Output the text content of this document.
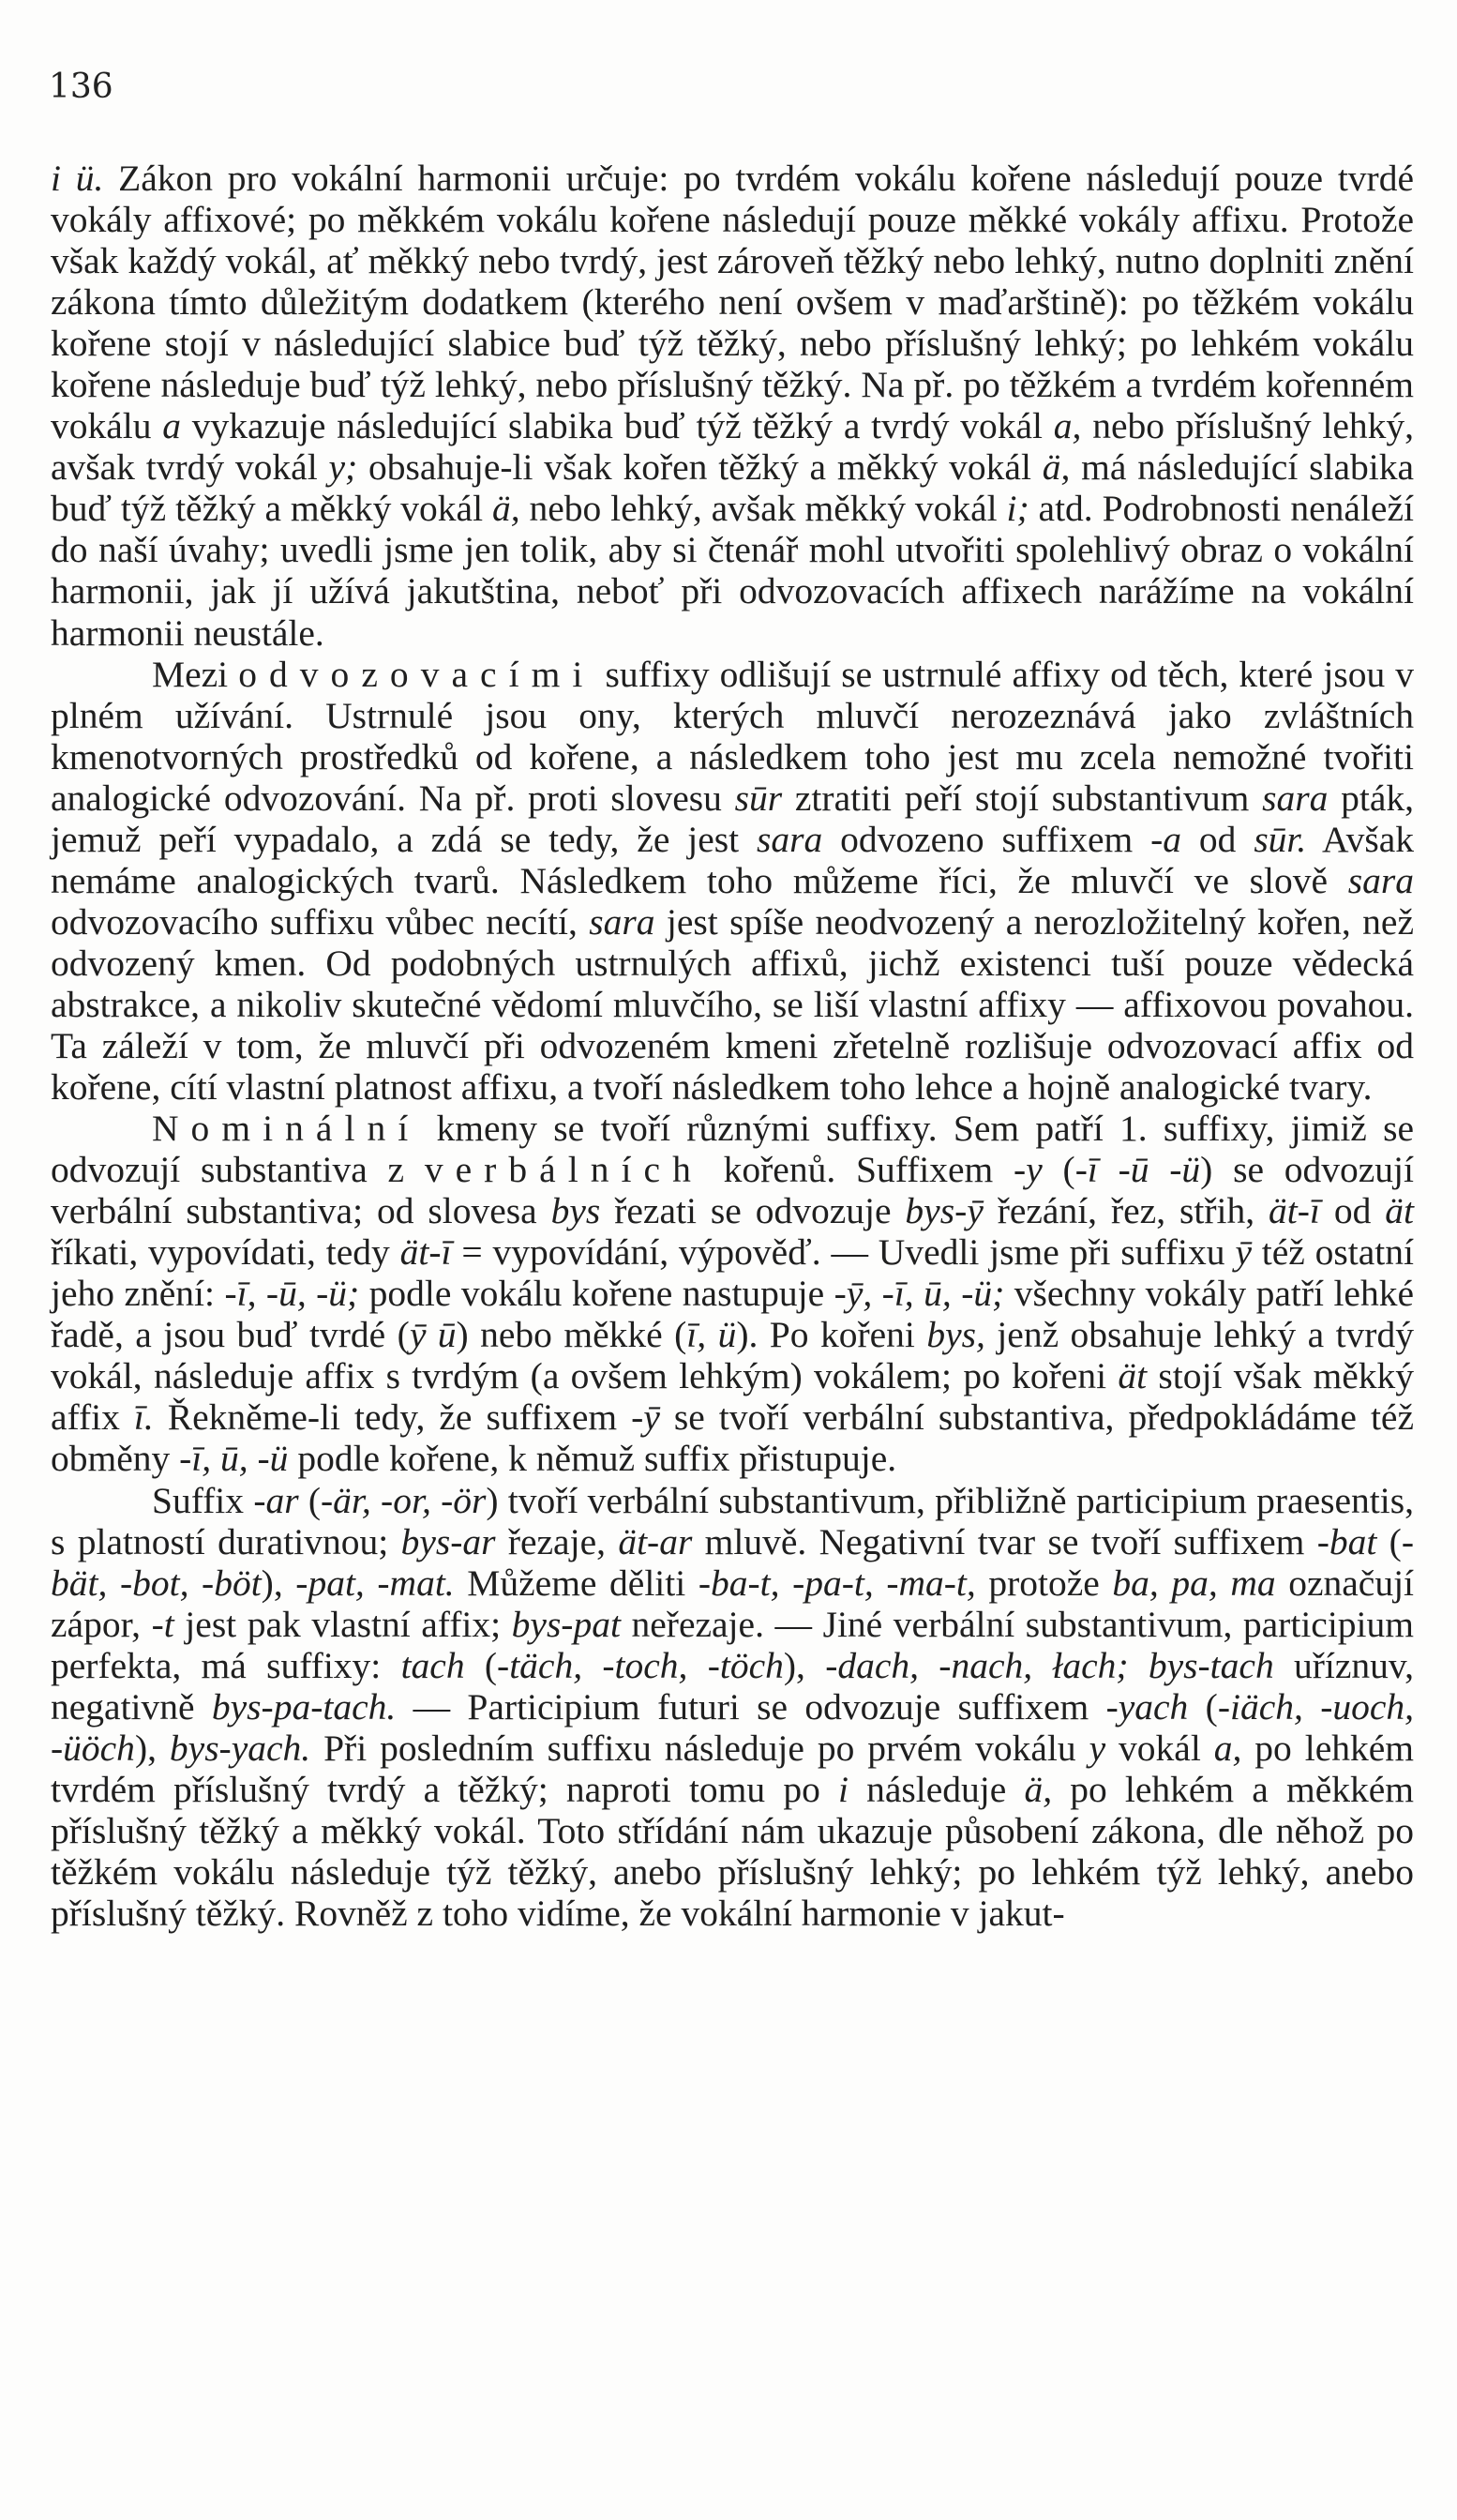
136

i ü. Zákon pro vokální harmonii určuje: po tvrdém vokálu kořene následují pouze tvrdé vokály affixové; po měkkém vokálu kořene následují pouze měkké vokály affixu. Protože však každý vokál, ať měkký nebo tvrdý, jest zároveň těžký nebo lehký, nutno doplniti znění zákona tímto důležitým dodatkem (kterého není ovšem v maďarštině): po těžkém vokálu kořene stojí v následující slabice buď týž těžký, nebo příslušný lehký; po lehkém vokálu kořene následuje buď týž lehký, nebo příslušný těžký. Na př. po těžkém a tvrdém kořenném vokálu a vykazuje následující slabika buď týž těžký a tvrdý vokál a, nebo příslušný lehký, avšak tvrdý vokál y; obsahuje-li však kořen těžký a měkký vokál ä, má následující slabika buď týž těžký a měkký vokál ä, nebo lehký, avšak měkký vokál i; atd. Podrobnosti nenáleží do naší úvahy; uvedli jsme jen tolik, aby si čtenář mohl utvořiti spolehlivý obraz o vokální harmonii, jak jí užívá jakutština, neboť při odvozovacích affixech narážíme na vokální harmonii neustále.

Mezi odvozovacími suffixy odlišují se ustrnulé affixy od těch, které jsou v plném užívání. Ustrnulé jsou ony, kterých mluvčí nerozeznává jako zvláštních kmenotvorných prostředků od kořene, a následkem toho jest mu zcela nemožné tvořiti analogické odvozování. Na př. proti slovesu sūr ztratiti peří stojí substantivum sara pták, jemuž peří vypadalo, a zdá se tedy, že jest sara odvozeno suffixem -a od sūr. Avšak nemáme analogických tvarů. Následkem toho můžeme říci, že mluvčí ve slově sara odvozovacího suffixu vůbec necítí, sara jest spíše neodvozený a nerozložitelný kořen, než odvozený kmen. Od podobných ustrnulých affixů, jichž existenci tuší pouze vědecká abstrakce, a nikoliv skutečné vědomí mluvčího, se liší vlastní affixy — affixovou povahou. Ta záleží v tom, že mluvčí při odvozeném kmeni zřetelně rozlišuje odvozovací affix od kořene, cítí vlastní platnost affixu, a tvoří následkem toho lehce a hojně analogické tvary.

Nominální kmeny se tvoří různými suffixy. Sem patří 1. suffixy, jimiž se odvozují substantiva z verbálních kořenů. Suffixem -y (-ī -ū -ü) se odvozují verbální substantiva; od slovesa bys řezati se odvozuje bys-ȳ řezání, řez, střih, ät-ī od ät říkati, vypovídati, tedy ät-ī = vypovídání, výpověď. — Uvedli jsme při suffixu ȳ též ostatní jeho znění: -ī, -ū, -ü; podle vokálu kořene nastupuje -ȳ, -ī, ū, -ü; všechny vokály patří lehké řadě, a jsou buď tvrdé (ȳ ū) nebo měkké (ī, ü). Po kořeni bys, jenž obsahuje lehký a tvrdý vokál, následuje affix s tvrdým (a ovšem lehkým) vokálem; po kořeni ät stojí však měkký affix ī. Řekněme-li tedy, že suffixem -ȳ se tvoří verbální substantiva, předpokládáme též obměny -ī, ū, -ü podle kořene, k němuž suffix přistupuje.

Suffix -ar (-är, -or, -ör) tvoří verbální substantivum, přibližně participium praesentis, s platností durativnou; bys-ar řezaje, ät-ar mluvě. Negativní tvar se tvoří suffixem -bat (-bät, -bot, -böt), -pat, -mat. Můžeme děliti -ba-t, -pa-t, -ma-t, protože ba, pa, ma označují zápor, -t jest pak vlastní affix; bys-pat neřezaje. — Jiné verbální substantivum, participium perfekta, má suffixy: tach (-täch, -toch, -töch), -dach, -nach, łach; bys-tach uříznuv, negativně bys-pa-tach. — Participium futuri se odvozuje suffixem -yach (-iäch, -uoch, -üöch), bys-yach. Při posledním suffixu následuje po prvém vokálu y vokál a, po lehkém tvrdém příslušný tvrdý a těžký; naproti tomu po i následuje ä, po lehkém a měkkém příslušný těžký a měkký vokál. Toto střídání nám ukazuje působení zákona, dle něhož po těžkém vokálu následuje týž těžký, anebo příslušný lehký; po lehkém týž lehký, anebo příslušný těžký. Rovněž z toho vidíme, že vokální harmonie v jakut-
